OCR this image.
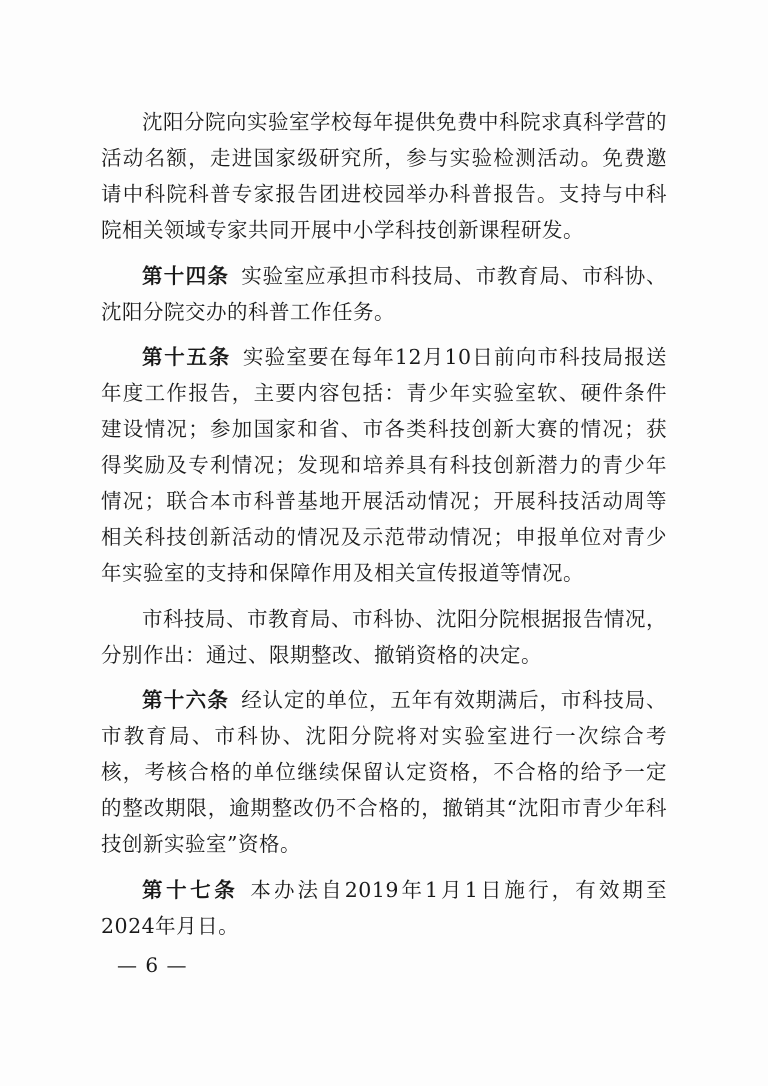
沈阳分院向实验室学校每年提供免费中科院求真科学营的活动名额，走进国家级研究所，参与实验检测活动。免费邀请中科院科普专家报告团进校园举办科普报告。支持与中科院相关领域专家共同开展中小学科技创新课程研发。

第十四条 实验室应承担市科技局、市教育局、市科协、沈阳分院交办的科普工作任务。

第十五条 实验室要在每年12月10日前向市科技局报送年度工作报告，主要内容包括：青少年实验室软、硬件条件建设情况；参加国家和省、市各类科技创新大赛的情况；获得奖励及专利情况；发现和培养具有科技创新潜力的青少年情况；联合本市科普基地开展活动情况；开展科技活动周等相关科技创新活动的情况及示范带动情况；申报单位对青少年实验室的支持和保障作用及相关宣传报道等情况。

市科技局、市教育局、市科协、沈阳分院根据报告情况，分别作出：通过、限期整改、撤销资格的决定。

第十六条 经认定的单位，五年有效期满后，市科技局、市教育局、市科协、沈阳分院将对实验室进行一次综合考核，考核合格的单位继续保留认定资格，不合格的给予一定的整改期限，逾期整改仍不合格的，撤销其“沈阳市青少年科技创新实验室”资格。

第十七条 本办法自2019年1月1日施行，有效期至2024年月日。

— 6 —
